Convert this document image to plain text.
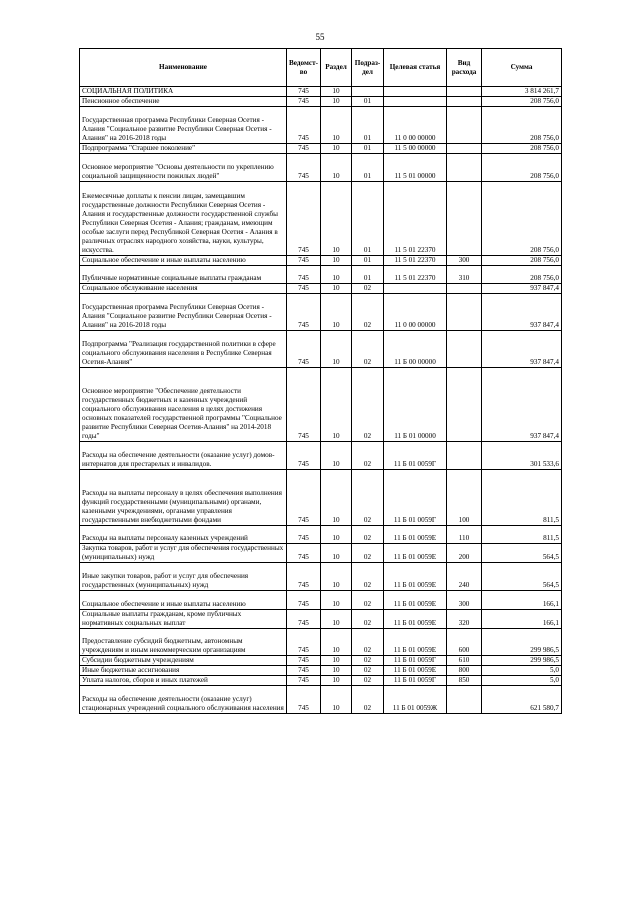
55
Наименование	Ведомст-во	Раздел	Подраз-дел	Целевая статья	Вид расхода	Сумма
СОЦИАЛЬНАЯ ПОЛИТИКА	745	10				3 814 261,7
Пенсионное обеспечение	745	10	01			208 756,0
Государственная программа Республики Северная Осетия - Алания "Социальное развитие Республики Северная Осетия - Алания" на 2016-2018 годы	745	10	01	11 0 00 00000		208 756,0
Подпрограмма "Старшее поколение"	745	10	01	11 5 00 00000		208 756,0
Основное мероприятие "Основы деятельности по укреплению социальной защищенности пожилых людей"	745	10	01	11 5 01 00000		208 756,0
Ежемесячные доплаты к пенсии лицам, замещавшим государственные должности Республики Северная Осетия - Алания и государственные должности государственной службы Республики Северная Осетия - Алания; гражданам, имеющим особые заслуги перед Республикой Северная Осетия - Алания в различных отраслях народного хозяйства, науки, культуры, искусства.	745	10	01	11 5 01 22370		208 756,0
Социальное обеспечение и иные выплаты населению	745	10	01	11 5 01 22370	300	208 756,0
Публичные нормативные социальные выплаты гражданам	745	10	01	11 5 01 22370	310	208 756,0
Социальное обслуживание населения	745	10	02			937 847,4
Государственная программа Республики Северная Осетия - Алания "Социальное развитие Республики Северная Осетия - Алания" на 2016-2018 годы	745	10	02	11 0 00 00000		937 847,4
Подпрограмма "Реализация государственной политики в сфере социального обслуживания населения в Республике Северная Осетия-Алания"	745	10	02	11 Б 00 00000		937 847,4
Основное мероприятие "Обеспечение деятельности государственных бюджетных и казенных учреждений социального обслуживания населения в целях достижения основных показателей государственной программы "Социальное развитие Республики Северная Осетия-Алания" на 2014-2018 годы"	745	10	02	11 Б 01 00000		937 847,4
Расходы на обеспечение деятельности (оказание услуг) домов-интернатов для престарелых и инвалидов.	745	10	02	11 Б 01 0059Г		301 533,6
Расходы на выплаты персоналу в целях обеспечения выполнения функций государственными (муниципальными) органами, казенными учреждениями, органами управления государственными внебюджетными фондами	745	10	02	11 Б 01 0059Г	100	811,5
Расходы на выплаты персоналу казенных учреждений	745	10	02	11 Б 01 0059Е	110	811,5
Закупка товаров, работ и услуг для обеспечения государственных (муниципальных) нужд	745	10	02	11 Б 01 0059Е	200	564,5
Иные закупки товаров, работ и услуг для обеспечения государственных (муниципальных) нужд	745	10	02	11 Б 01 0059Е	240	564,5
Социальное обеспечение и иные выплаты населению	745	10	02	11 Б 01 0059Е	300	166,1
Социальные выплаты гражданам, кроме публичных нормативных социальных выплат	745	10	02	11 Б 01 0059Е	320	166,1
Предоставление субсидий бюджетным, автономным учреждениям и иным некоммерческим организациям	745	10	02	11 Б 01 0059Е	600	299 986,5
Субсидии бюджетным учреждениям	745	10	02	11 Б 01 0059Г	610	299 986,5
Иные бюджетные ассигнования	745	10	02	11 Б 01 0059Е	800	5,0
Уплата налогов, сборов и иных платежей	745	10	02	11 Б 01 0059Г	850	5,0
Расходы на обеспечение деятельности (оказание услуг) стационарных учреждений социального обслуживания населения	745	10	02	11 Б 01 0059Ж		621 580,7
